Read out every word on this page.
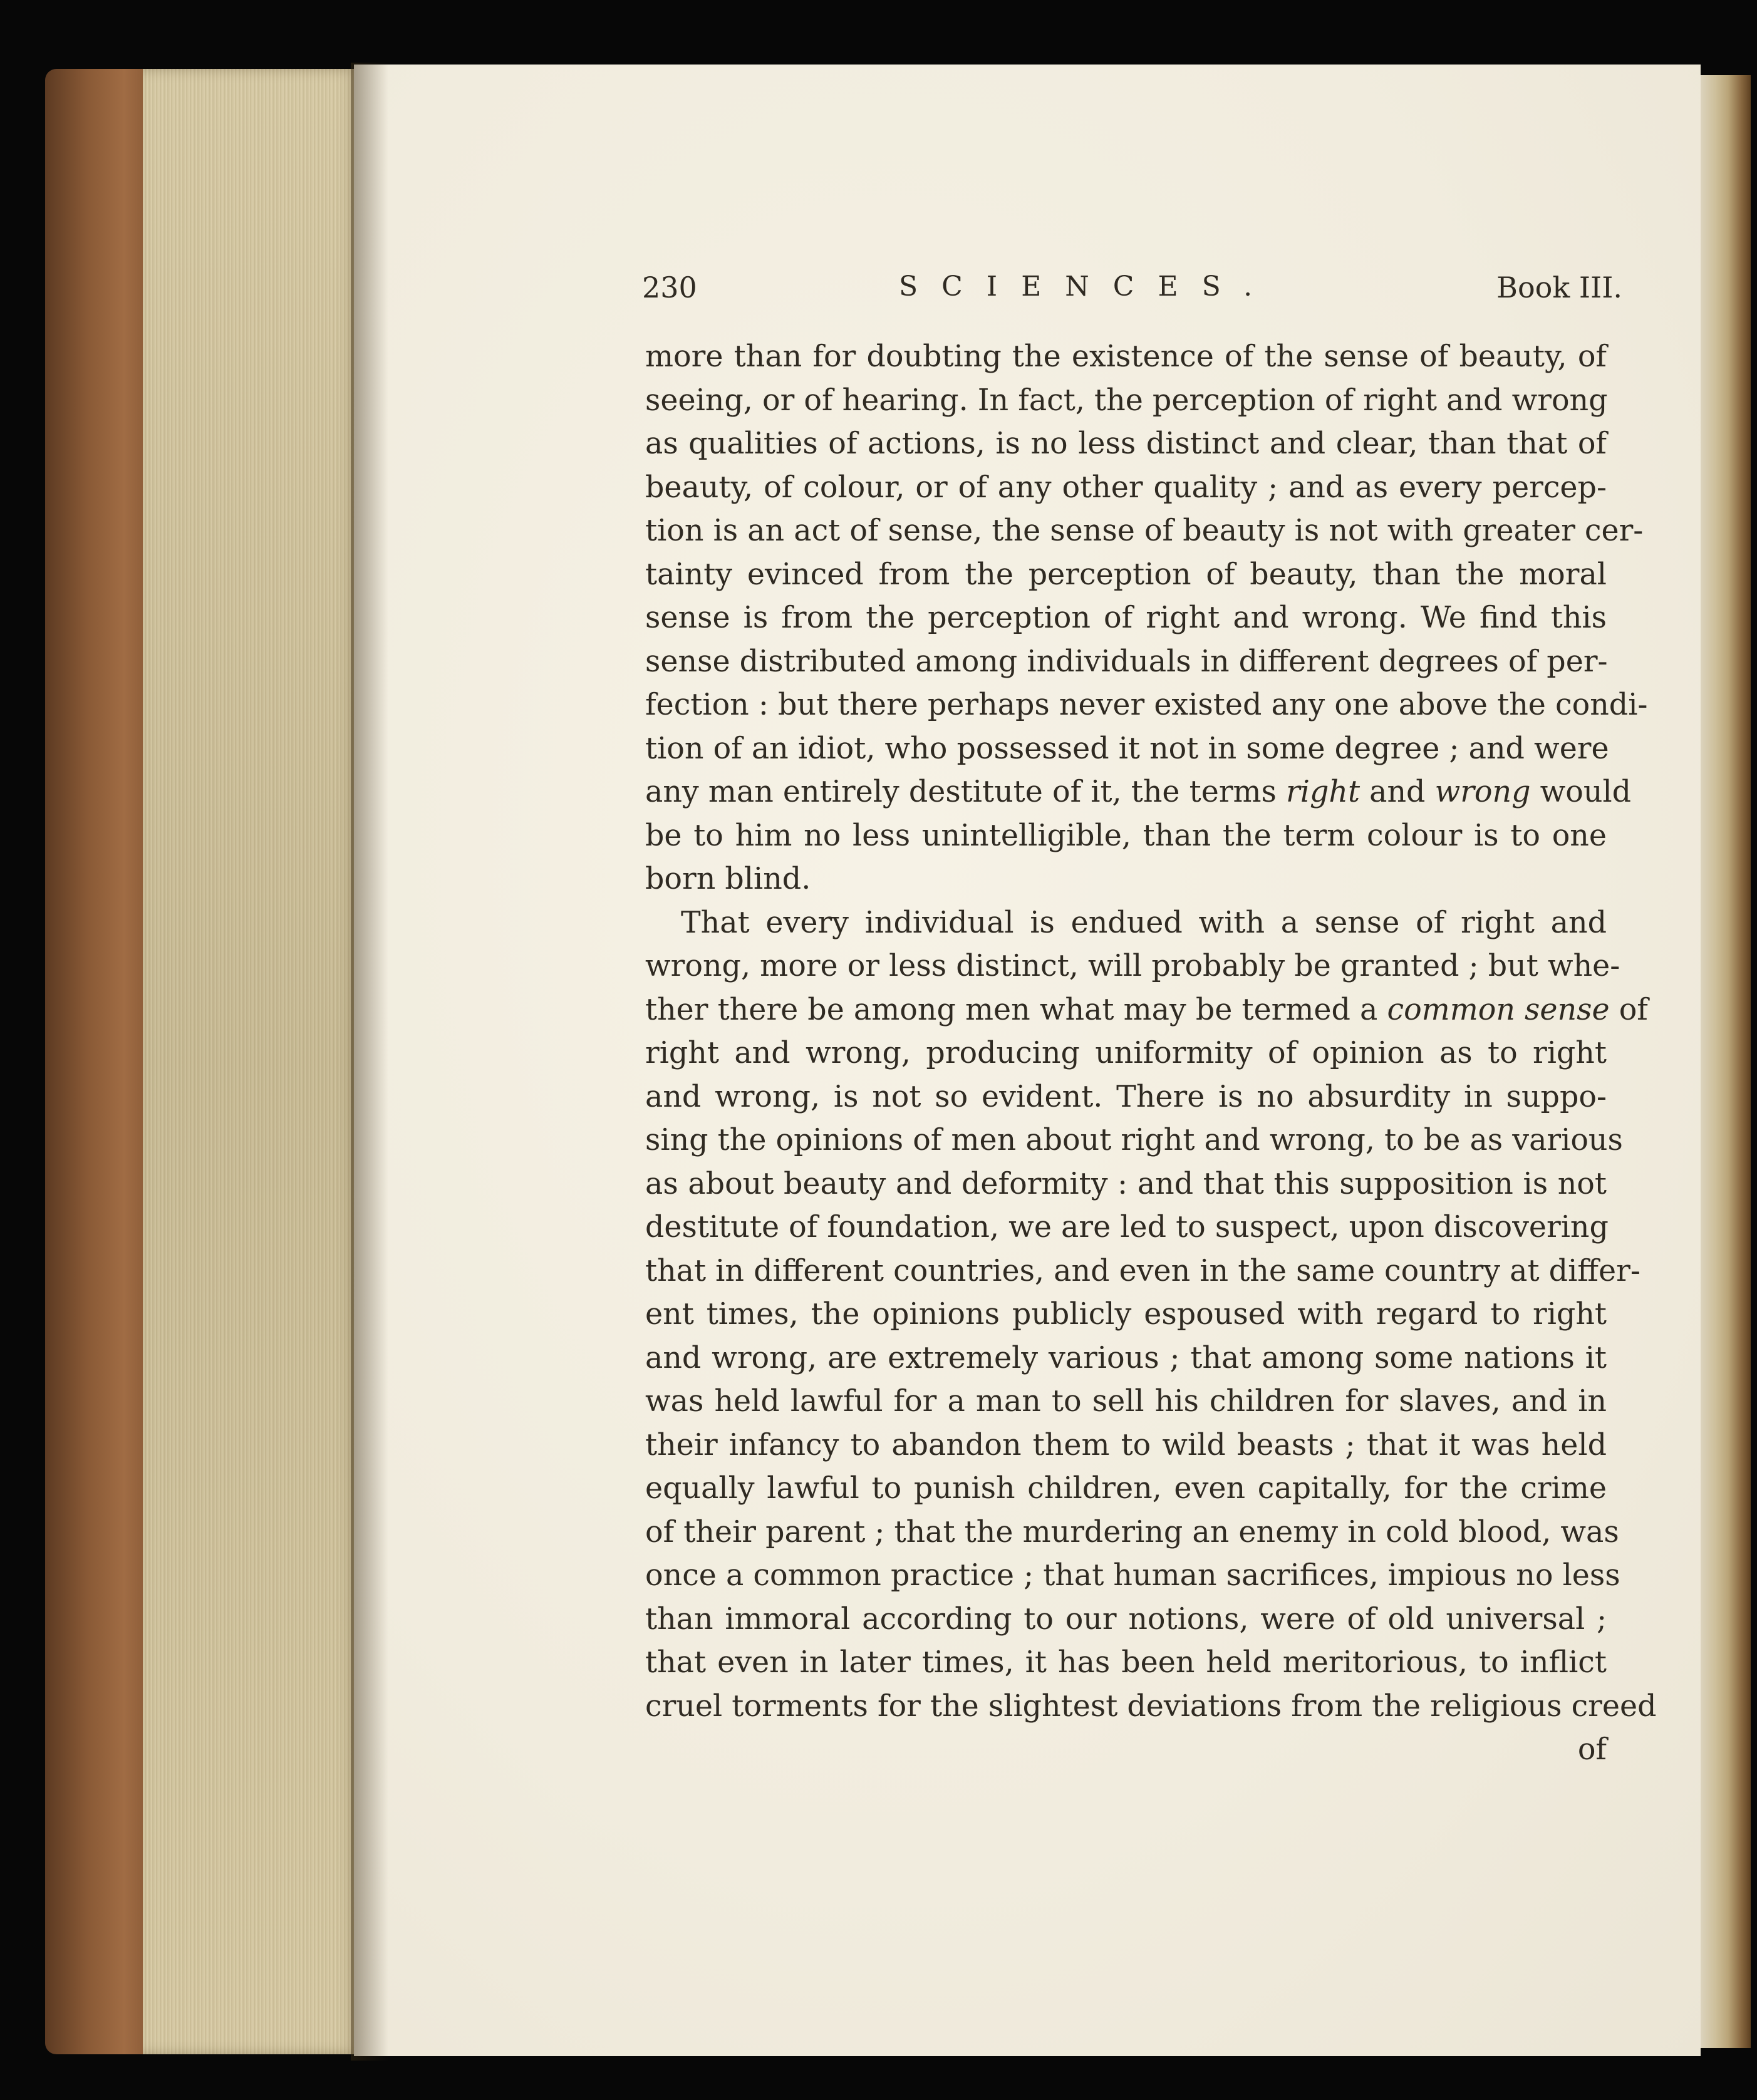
230	SCIENCES.	Book III.
more than for doubting the existence of the sense of beauty, of
seeing, or of hearing. In fact, the perception of right and wrong
as qualities of actions, is no less distinct and clear, than that of
beauty, of colour, or of any other quality ; and as every percep-
tion is an act of sense, the sense of beauty is not with greater cer-
tainty evinced from the perception of beauty, than the moral
sense is from the perception of right and wrong. We find this
sense distributed among individuals in different degrees of per-
fection : but there perhaps never existed any one above the condi-
tion of an idiot, who possessed it not in some degree ; and were
any man entirely destitute of it, the terms right and wrong would
be to him no less unintelligible, than the term colour is to one
born blind.
That every individual is endued with a sense of right and
wrong, more or less distinct, will probably be granted ; but whe-
ther there be among men what may be termed a common sense of
right and wrong, producing uniformity of opinion as to right
and wrong, is not so evident. There is no absurdity in suppo-
sing the opinions of men about right and wrong, to be as various
as about beauty and deformity : and that this supposition is not
destitute of foundation, we are led to suspect, upon discovering
that in different countries, and even in the same country at differ-
ent times, the opinions publicly espoused with regard to right
and wrong, are extremely various ; that among some nations it
was held lawful for a man to sell his children for slaves, and in
their infancy to abandon them to wild beasts ; that it was held
equally lawful to punish children, even capitally, for the crime
of their parent ; that the murdering an enemy in cold blood, was
once a common practice ; that human sacrifices, impious no less
than immoral according to our notions, were of old universal ;
that even in later times, it has been held meritorious, to inflict
cruel torments for the slightest deviations from the religious creed
of
